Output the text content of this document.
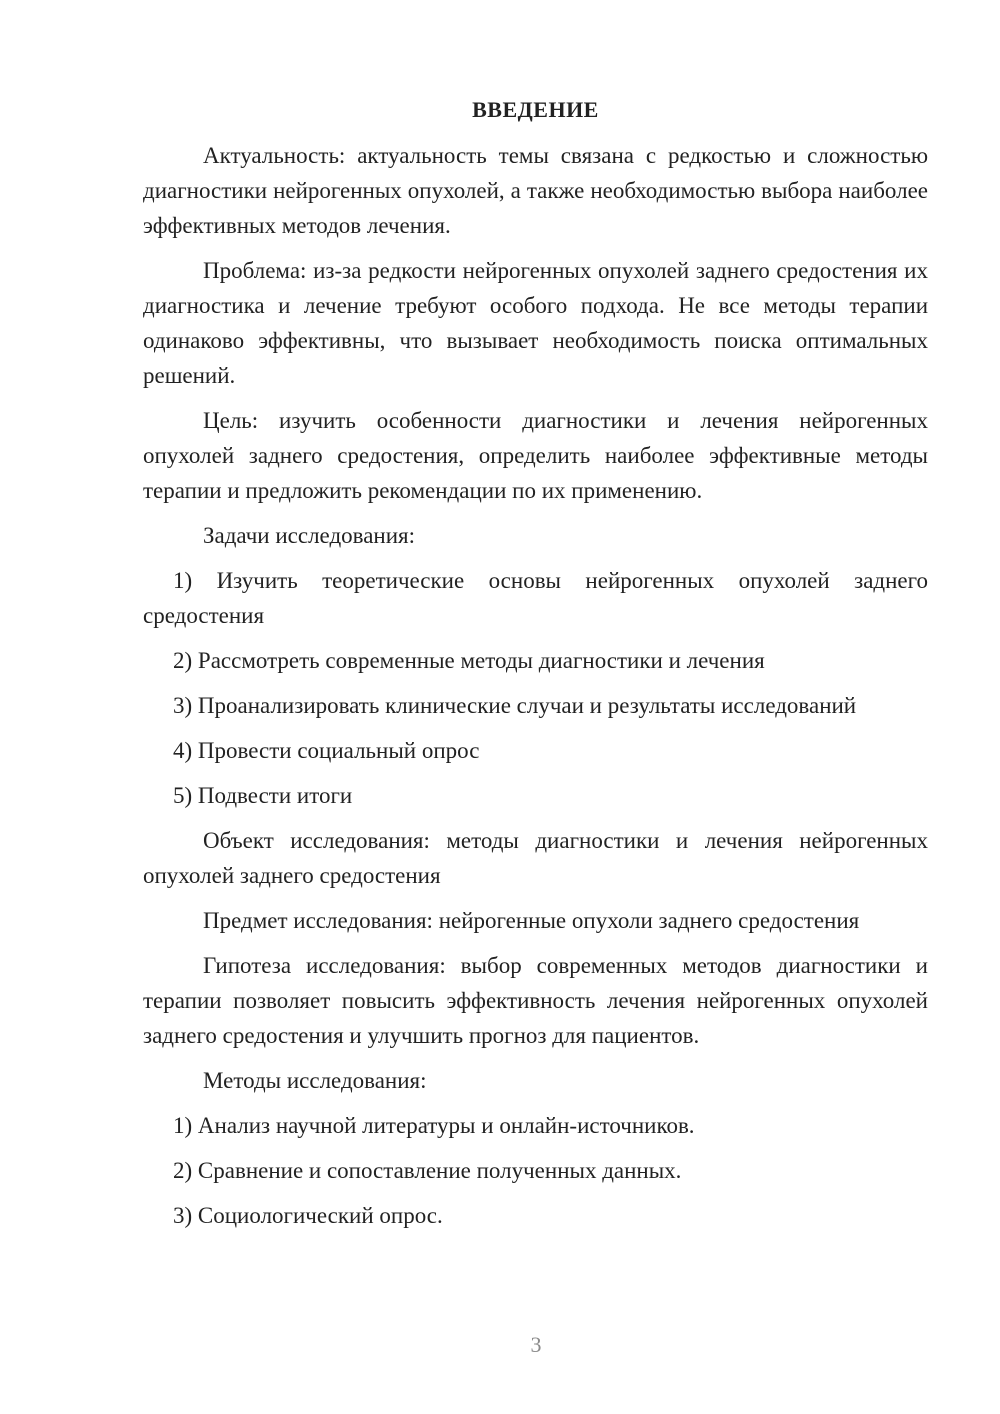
ВВЕДЕНИЕ

Актуальность: актуальность темы связана с редкостью и сложностью диагностики нейрогенных опухолей, а также необходимостью выбора наиболее эффективных методов лечения.

Проблема: из-за редкости нейрогенных опухолей заднего средостения их диагностика и лечение требуют особого подхода. Не все методы терапии одинаково эффективны, что вызывает необходимость поиска оптимальных решений.

Цель: изучить особенности диагностики и лечения нейрогенных опухолей заднего средостения, определить наиболее эффективные методы терапии и предложить рекомендации по их применению.

Задачи исследования:

1) Изучить теоретические основы нейрогенных опухолей заднего средостения

2) Рассмотреть современные методы диагностики и лечения

3) Проанализировать клинические случаи и результаты исследований

4) Провести социальный опрос

5) Подвести итоги

Объект исследования: методы диагностики и лечения нейрогенных опухолей заднего средостения

Предмет исследования: нейрогенные опухоли заднего средостения

Гипотеза исследования: выбор современных методов диагностики и терапии позволяет повысить эффективность лечения нейрогенных опухолей заднего средостения и улучшить прогноз для пациентов.

Методы исследования:

1) Анализ научной литературы и онлайн-источников.

2) Сравнение и сопоставление полученных данных.

3) Социологический опрос.

3
